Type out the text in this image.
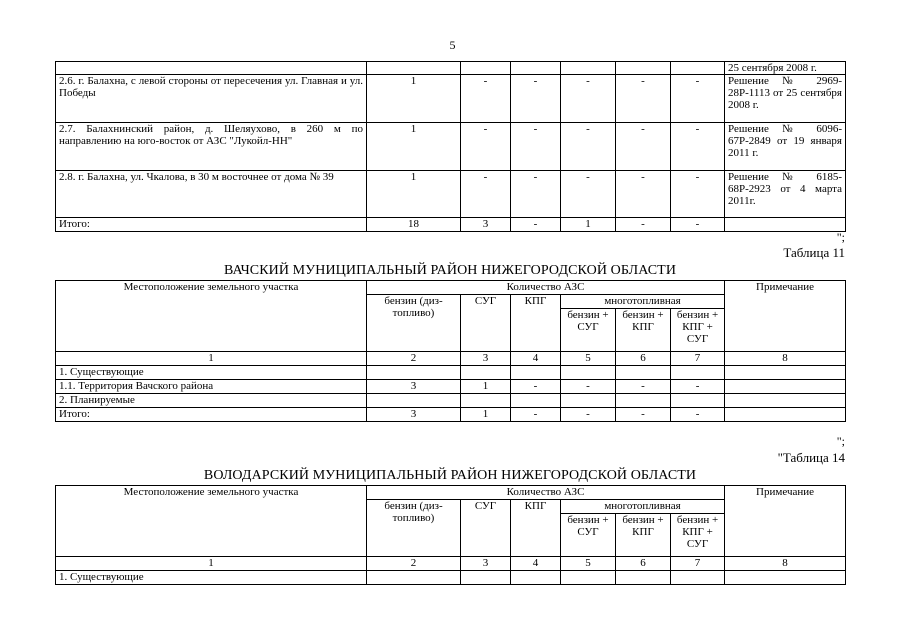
5
							25 сентября 2008 г.
2.6. г. Балахна, с левой стороны от пересечения ул. Главная и ул. Победы	1	-	-	-	-	-	Решение № 2969-28Р-1113 от 25 сентября 2008 г.
2.7. Балахнинский район, д. Шеляухово, в 260 м по направлению на юго-восток от АЗС "Лукойл-НН"	1	-	-	-	-	-	Решение № 6096-67Р-2849 от 19 января 2011 г.
2.8. г. Балахна, ул. Чкалова, в 30 м восточнее от дома № 39	1	-	-	-	-	-	Решение № 6185-68Р-2923 от 4 марта 2011г.
Итого:	18	3	-	1	-	-	
";
Таблица 11
ВАЧСКИЙ МУНИЦИПАЛЬНЫЙ РАЙОН НИЖЕГОРОДСКОЙ ОБЛАСТИ
Местоположение земельного участка	Количество АЗС						Примечание
	бензин (диз-топливо)	СУГ	КПГ	многотопливная			
				бензин + СУГ	бензин + КПГ	бензин + КПГ + СУГ	
1	2	3	4	5	6	7	8
1. Существующие							
1.1. Территория Вачского района	3	1	-	-	-	-	
2. Планируемые							
Итого:	3	1	-	-	-	-	
";
"Таблица 14
ВОЛОДАРСКИЙ МУНИЦИПАЛЬНЫЙ РАЙОН НИЖЕГОРОДСКОЙ ОБЛАСТИ
Местоположение земельного участка	Количество АЗС						Примечание
	бензин (диз-топливо)	СУГ	КПГ	многотопливная			
				бензин + СУГ	бензин + КПГ	бензин + КПГ + СУГ	
1	2	3	4	5	6	7	8
1. Существующие							
